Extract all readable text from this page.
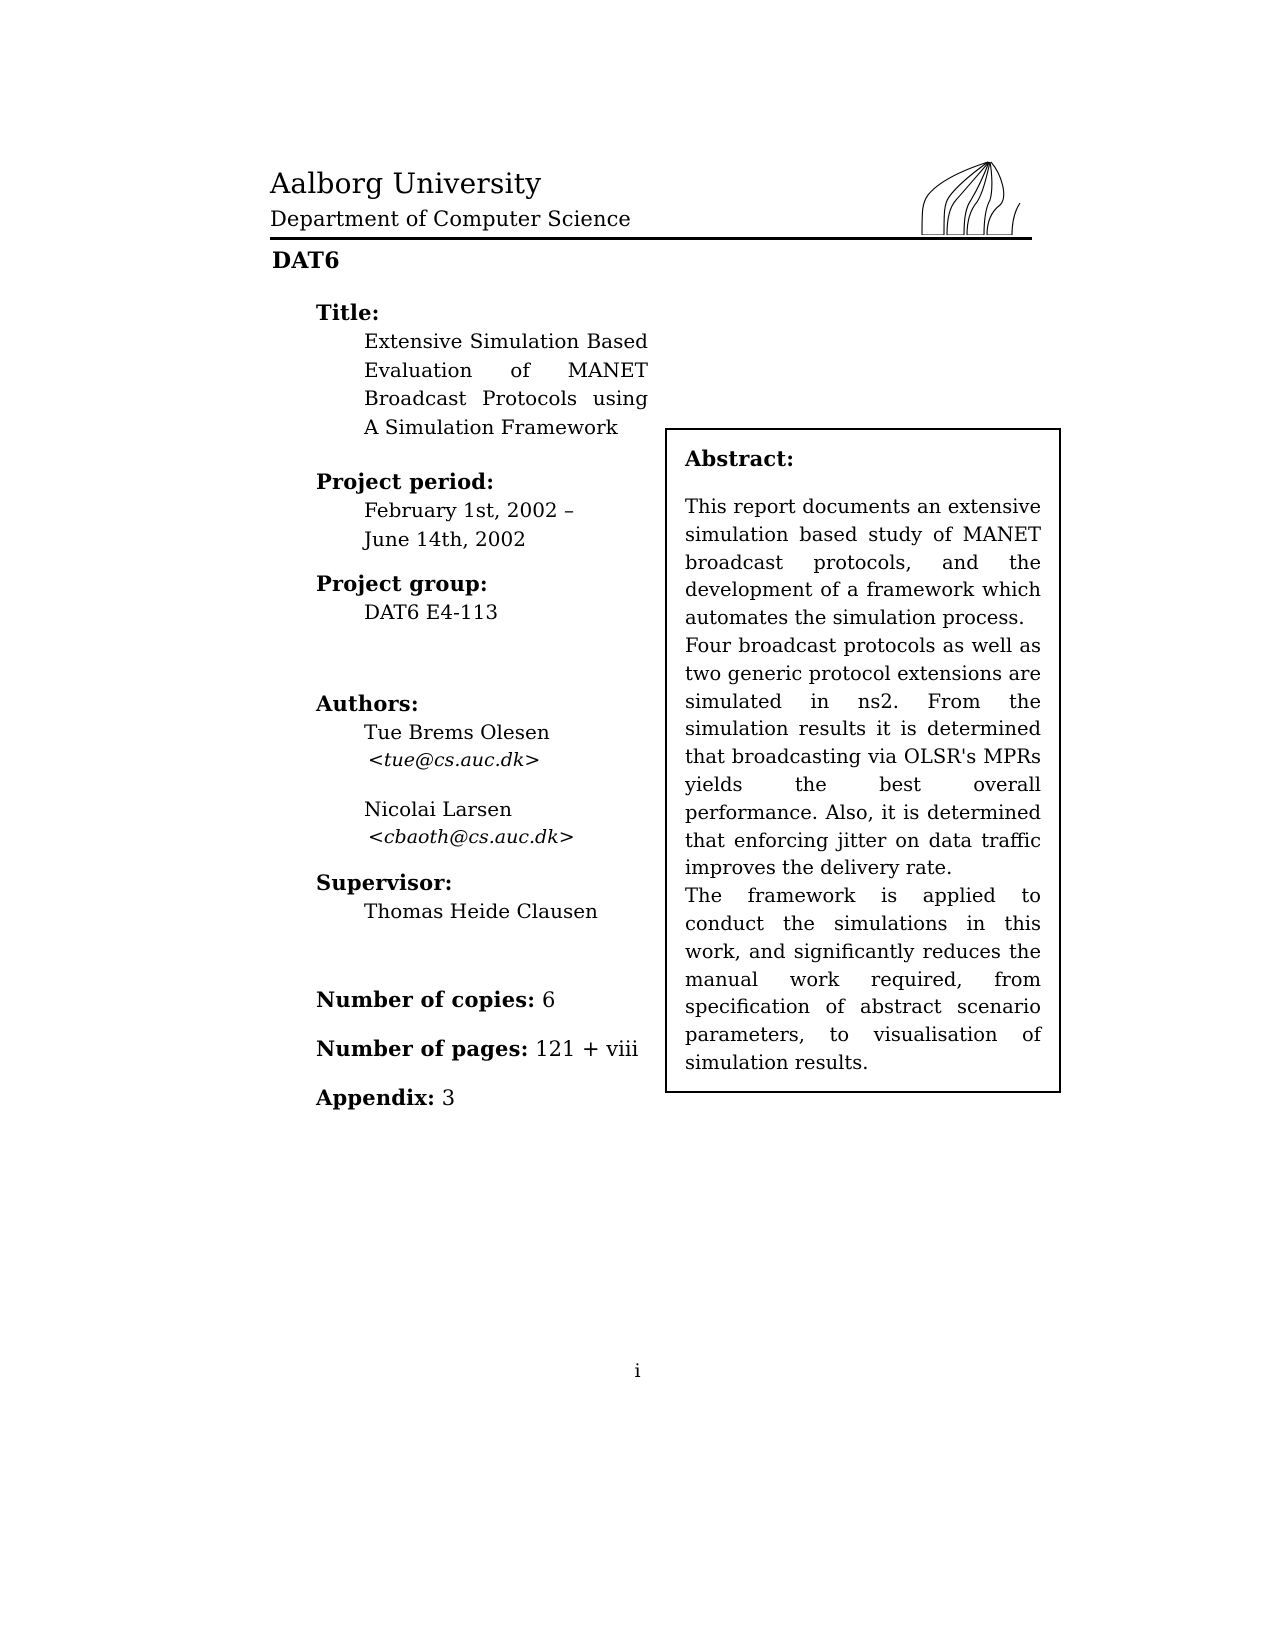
Aalborg University
Department of Computer Science
DAT6
Title:
Extensive Simulation Based Evaluation of MANET Broadcast Protocols using A Simulation Framework
Project period:
February 1st, 2002 –
June 14th, 2002
Project group:
DAT6 E4-113
Authors:
Tue Brems Olesen
<tue@cs.auc.dk>
Nicolai Larsen
<cbaoth@cs.auc.dk>
Supervisor:
Thomas Heide Clausen
Number of copies: 6
Number of pages: 121 + viii
Appendix: 3
Abstract:

This report documents an extensive simulation based study of MANET broadcast protocols, and the development of a framework which automates the simulation process.

Four broadcast protocols as well as two generic protocol extensions are simulated in ns2. From the simulation results it is determined that broadcasting via OLSR's MPRs yields the best overall performance. Also, it is determined that enforcing jitter on data traffic improves the delivery rate.

The framework is applied to conduct the simulations in this work, and significantly reduces the manual work required, from specification of abstract scenario parameters, to visualisation of simulation results.

i
